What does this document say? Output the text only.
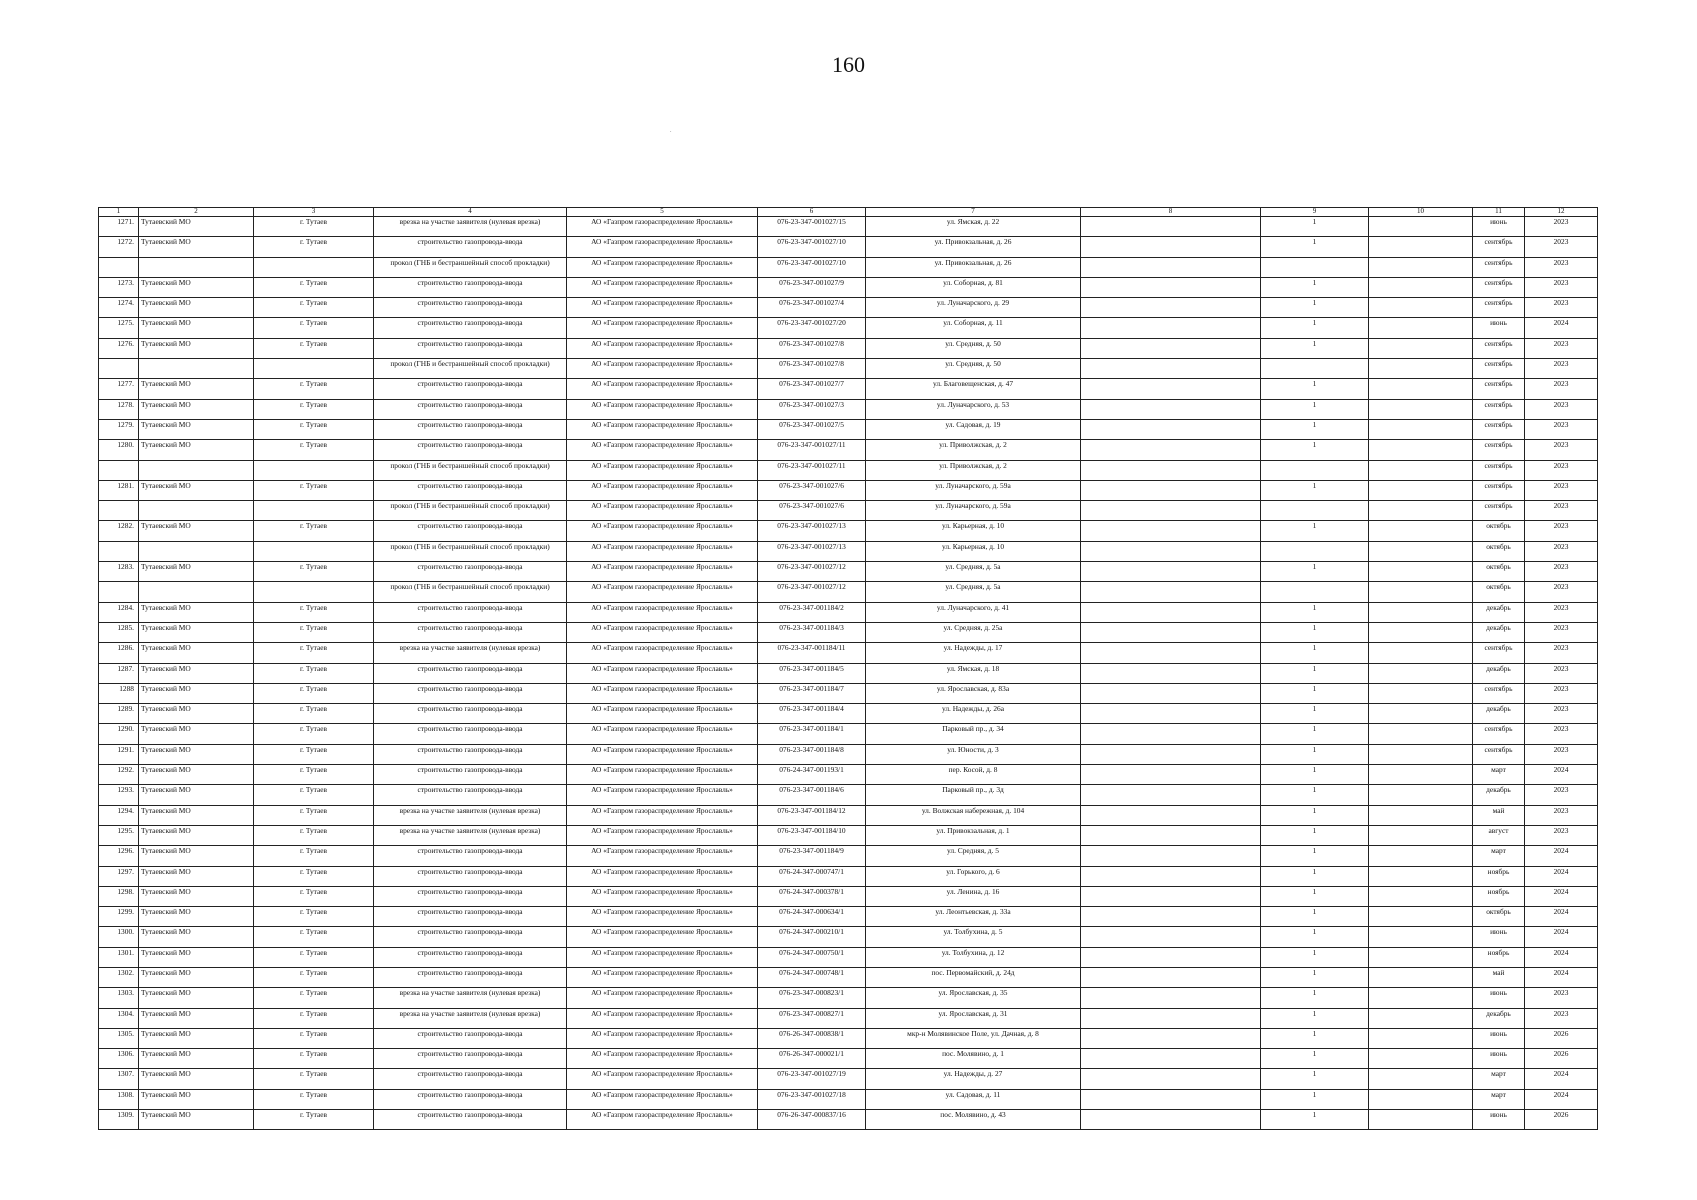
160
.
1	2	3	4	5	6	7	8	9	10	11	12
1271.	Тутаевский МО	г. Тутаев	врезка на участке заявителя (нулевая врезка)	АО «Газпром газораспределение Ярославль»	076-23-347-001027/15	ул. Ямская, д. 22		1		июнь	2023
1272.	Тутаевский МО	г. Тутаев	строительство газопровода-ввода	АО «Газпром газораспределение Ярославль»	076-23-347-001027/10	ул. Привокзальная, д. 26		1		сентябрь	2023
			прокол (ГНБ и бестраншейный способ прокладки)	АО «Газпром газораспределение Ярославль»	076-23-347-001027/10	ул. Привокзальная, д. 26				сентябрь	2023
1273.	Тутаевский МО	г. Тутаев	строительство газопровода-ввода	АО «Газпром газораспределение Ярославль»	076-23-347-001027/9	ул. Соборная, д. 81		1		сентябрь	2023
1274.	Тутаевский МО	г. Тутаев	строительство газопровода-ввода	АО «Газпром газораспределение Ярославль»	076-23-347-001027/4	ул. Луначарского, д. 29		1		сентябрь	2023
1275.	Тутаевский МО	г. Тутаев	строительство газопровода-ввода	АО «Газпром газораспределение Ярославль»	076-23-347-001027/20	ул. Соборная, д. 11		1		июнь	2024
1276.	Тутаевский МО	г. Тутаев	строительство газопровода-ввода	АО «Газпром газораспределение Ярославль»	076-23-347-001027/8	ул. Средняя, д. 50		1		сентябрь	2023
			прокол (ГНБ и бестраншейный способ прокладки)	АО «Газпром газораспределение Ярославль»	076-23-347-001027/8	ул. Средняя, д. 50				сентябрь	2023
1277.	Тутаевский МО	г. Тутаев	строительство газопровода-ввода	АО «Газпром газораспределение Ярославль»	076-23-347-001027/7	ул. Благовещенская, д. 47		1		сентябрь	2023
1278.	Тутаевский МО	г. Тутаев	строительство газопровода-ввода	АО «Газпром газораспределение Ярославль»	076-23-347-001027/3	ул. Луначарского, д. 53		1		сентябрь	2023
1279.	Тутаевский МО	г. Тутаев	строительство газопровода-ввода	АО «Газпром газораспределение Ярославль»	076-23-347-001027/5	ул. Садовая, д. 19		1		сентябрь	2023
1280.	Тутаевский МО	г. Тутаев	строительство газопровода-ввода	АО «Газпром газораспределение Ярославль»	076-23-347-001027/11	ул. Приволжская, д. 2		1		сентябрь	2023
			прокол (ГНБ и бестраншейный способ прокладки)	АО «Газпром газораспределение Ярославль»	076-23-347-001027/11	ул. Приволжская, д. 2				сентябрь	2023
1281.	Тутаевский МО	г. Тутаев	строительство газопровода-ввода	АО «Газпром газораспределение Ярославль»	076-23-347-001027/6	ул. Луначарского, д. 59а		1		сентябрь	2023
			прокол (ГНБ и бестраншейный способ прокладки)	АО «Газпром газораспределение Ярославль»	076-23-347-001027/6	ул. Луначарского, д. 59а				сентябрь	2023
1282.	Тутаевский МО	г. Тутаев	строительство газопровода-ввода	АО «Газпром газораспределение Ярославль»	076-23-347-001027/13	ул. Карьерная, д. 10		1		октябрь	2023
			прокол (ГНБ и бестраншейный способ прокладки)	АО «Газпром газораспределение Ярославль»	076-23-347-001027/13	ул. Карьерная, д. 10				октябрь	2023
1283.	Тутаевский МО	г. Тутаев	строительство газопровода-ввода	АО «Газпром газораспределение Ярославль»	076-23-347-001027/12	ул. Средняя, д. 5а		1		октябрь	2023
			прокол (ГНБ и бестраншейный способ прокладки)	АО «Газпром газораспределение Ярославль»	076-23-347-001027/12	ул. Средняя, д. 5а				октябрь	2023
1284.	Тутаевский МО	г. Тутаев	строительство газопровода-ввода	АО «Газпром газораспределение Ярославль»	076-23-347-001184/2	ул. Луначарского, д. 41		1		декабрь	2023
1285.	Тутаевский МО	г. Тутаев	строительство газопровода-ввода	АО «Газпром газораспределение Ярославль»	076-23-347-001184/3	ул. Средняя, д. 25а		1		декабрь	2023
1286.	Тутаевский МО	г. Тутаев	врезка на участке заявителя (нулевая врезка)	АО «Газпром газораспределение Ярославль»	076-23-347-001184/11	ул. Надежды, д. 17		1		сентябрь	2023
1287.	Тутаевский МО	г. Тутаев	строительство газопровода-ввода	АО «Газпром газораспределение Ярославль»	076-23-347-001184/5	ул. Ямская, д. 18		1		декабрь	2023
1288	Тутаевский МО	г. Тутаев	строительство газопровода-ввода	АО «Газпром газораспределение Ярославль»	076-23-347-001184/7	ул. Ярославская, д. 83а		1		сентябрь	2023
1289.	Тутаевский МО	г. Тутаев	строительство газопровода-ввода	АО «Газпром газораспределение Ярославль»	076-23-347-001184/4	ул. Надежды, д. 26а		1		декабрь	2023
1290.	Тутаевский МО	г. Тутаев	строительство газопровода-ввода	АО «Газпром газораспределение Ярославль»	076-23-347-001184/1	Парковый пр., д. 34		1		сентябрь	2023
1291.	Тутаевский МО	г. Тутаев	строительство газопровода-ввода	АО «Газпром газораспределение Ярославль»	076-23-347-001184/8	ул. Юности, д. 3		1		сентябрь	2023
1292.	Тутаевский МО	г. Тутаев	строительство газопровода-ввода	АО «Газпром газораспределение Ярославль»	076-24-347-001193/1	пер. Косой, д. 8		1		март	2024
1293.	Тутаевский МО	г. Тутаев	строительство газопровода-ввода	АО «Газпром газораспределение Ярославль»	076-23-347-001184/6	Парковый пр., д. 3д		1		декабрь	2023
1294.	Тутаевский МО	г. Тутаев	врезка на участке заявителя (нулевая врезка)	АО «Газпром газораспределение Ярославль»	076-23-347-001184/12	ул. Волжская набережная, д. 104		1		май	2023
1295.	Тутаевский МО	г. Тутаев	врезка на участке заявителя (нулевая врезка)	АО «Газпром газораспределение Ярославль»	076-23-347-001184/10	ул. Привокзальная, д. 1		1		август	2023
1296.	Тутаевский МО	г. Тутаев	строительство газопровода-ввода	АО «Газпром газораспределение Ярославль»	076-23-347-001184/9	ул. Средняя, д. 5		1		март	2024
1297.	Тутаевский МО	г. Тутаев	строительство газопровода-ввода	АО «Газпром газораспределение Ярославль»	076-24-347-000747/1	ул. Горького, д. 6		1		ноябрь	2024
1298.	Тутаевский МО	г. Тутаев	строительство газопровода-ввода	АО «Газпром газораспределение Ярославль»	076-24-347-000378/1	ул. Ленина, д. 16		1		ноябрь	2024
1299.	Тутаевский МО	г. Тутаев	строительство газопровода-ввода	АО «Газпром газораспределение Ярославль»	076-24-347-000634/1	ул. Леонтьевская, д. 33а		1		октябрь	2024
1300.	Тутаевский МО	г. Тутаев	строительство газопровода-ввода	АО «Газпром газораспределение Ярославль»	076-24-347-000210/1	ул. Толбухина, д. 5		1		июнь	2024
1301.	Тутаевский МО	г. Тутаев	строительство газопровода-ввода	АО «Газпром газораспределение Ярославль»	076-24-347-000750/1	ул. Толбухина, д. 12		1		ноябрь	2024
1302.	Тутаевский МО	г. Тутаев	строительство газопровода-ввода	АО «Газпром газораспределение Ярославль»	076-24-347-000748/1	пос. Первомайский, д. 24д		1		май	2024
1303.	Тутаевский МО	г. Тутаев	врезка на участке заявителя (нулевая врезка)	АО «Газпром газораспределение Ярославль»	076-23-347-000823/1	ул. Ярославская, д. 35		1		июнь	2023
1304.	Тутаевский МО	г. Тутаев	врезка на участке заявителя (нулевая врезка)	АО «Газпром газораспределение Ярославль»	076-23-347-000827/1	ул. Ярославская, д. 31		1		декабрь	2023
1305.	Тутаевский МО	г. Тутаев	строительство газопровода-ввода	АО «Газпром газораспределение Ярославль»	076-26-347-000838/1	мкр-н Молявинское Поле, ул. Дачная, д. 8		1		июнь	2026
1306.	Тутаевский МО	г. Тутаев	строительство газопровода-ввода	АО «Газпром газораспределение Ярославль»	076-26-347-000021/1	пос. Молявино, д. 1		1		июнь	2026
1307.	Тутаевский МО	г. Тутаев	строительство газопровода-ввода	АО «Газпром газораспределение Ярославль»	076-23-347-001027/19	ул. Надежды, д. 27		1		март	2024
1308.	Тутаевский МО	г. Тутаев	строительство газопровода-ввода	АО «Газпром газораспределение Ярославль»	076-23-347-001027/18	ул. Садовая, д. 11		1		март	2024
1309.	Тутаевский МО	г. Тутаев	строительство газопровода-ввода	АО «Газпром газораспределение Ярославль»	076-26-347-000837/16	пос. Молявино, д. 43		1		июнь	2026
